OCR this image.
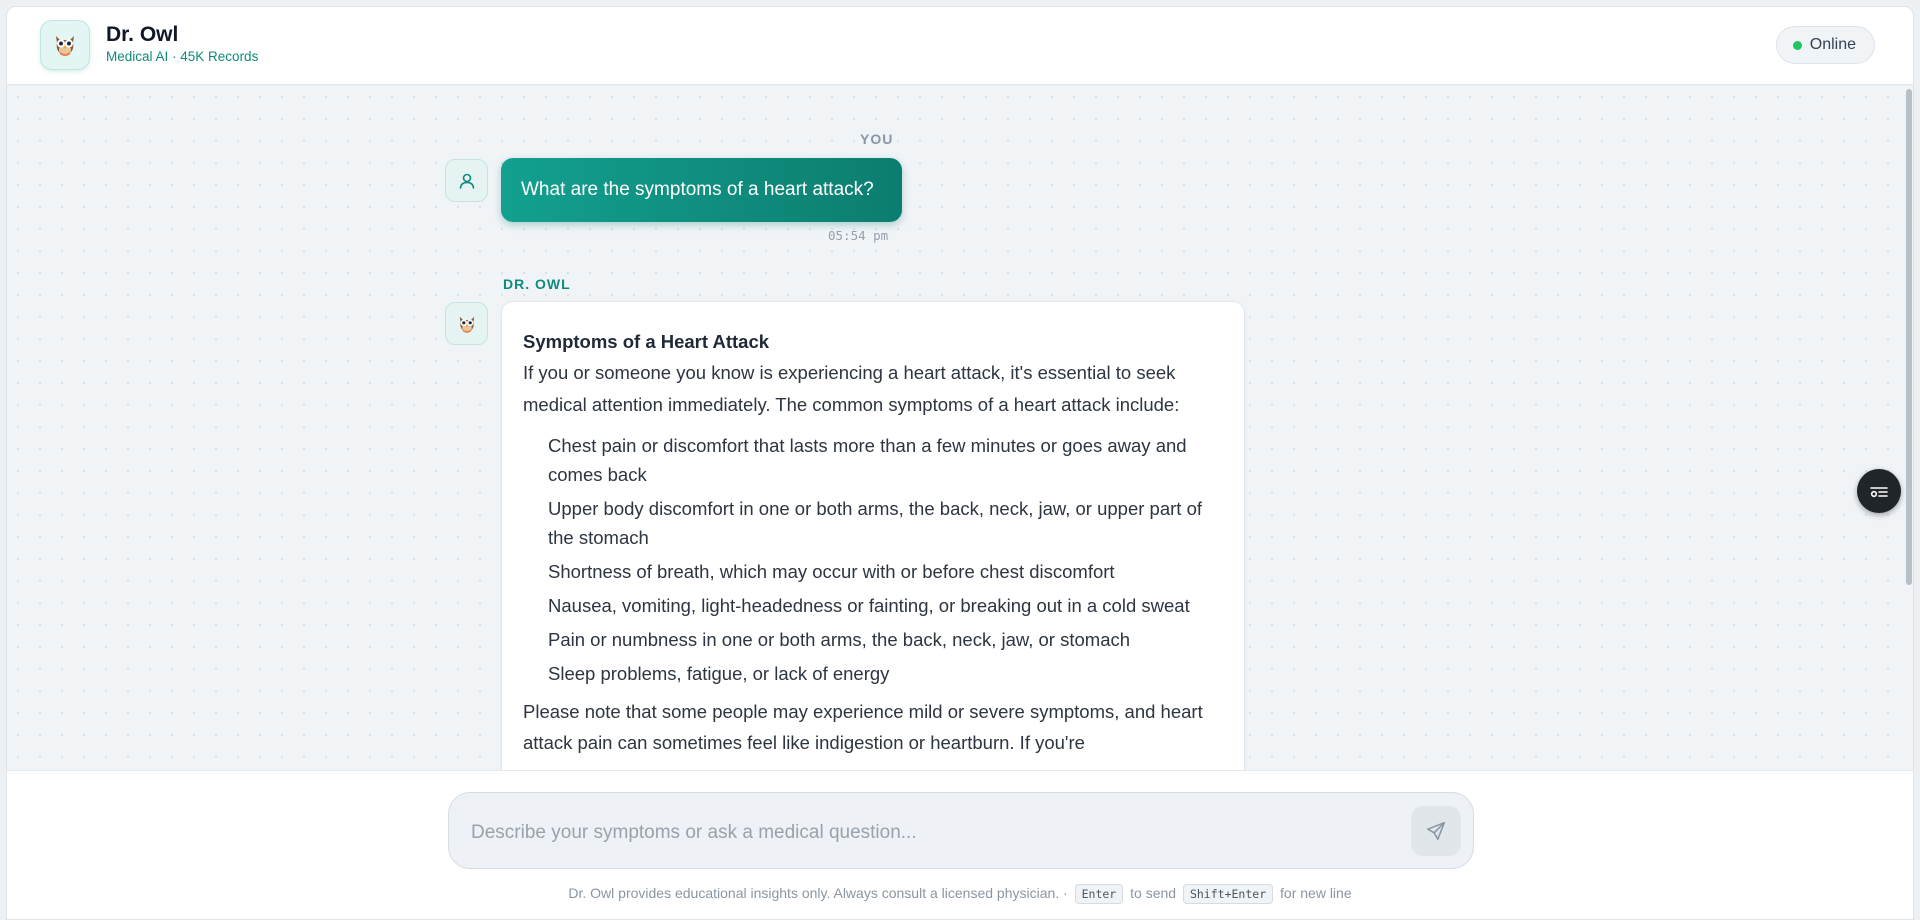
Dr. Owl
Medical AI · 45K Records
Online
YOU
What are the symptoms of a heart attack?
05:54 pm
DR. OWL
Symptoms of a Heart Attack
If you or someone you know is experiencing a heart attack, it's essential to seek medical attention immediately. The common symptoms of a heart attack include:
Chest pain or discomfort that lasts more than a few minutes or goes away and comes back
Upper body discomfort in one or both arms, the back, neck, jaw, or upper part of the stomach
Shortness of breath, which may occur with or before chest discomfort
Nausea, vomiting, light-headedness or fainting, or breaking out in a cold sweat
Pain or numbness in one or both arms, the back, neck, jaw, or stomach
Sleep problems, fatigue, or lack of energy
Please note that some people may experience mild or severe symptoms, and heart attack pain can sometimes feel like indigestion or heartburn. If you're
Describe your symptoms or ask a medical question...
Dr. Owl provides educational insights only. Always consult a licensed physician. · Enter to send Shift+Enter for new line
